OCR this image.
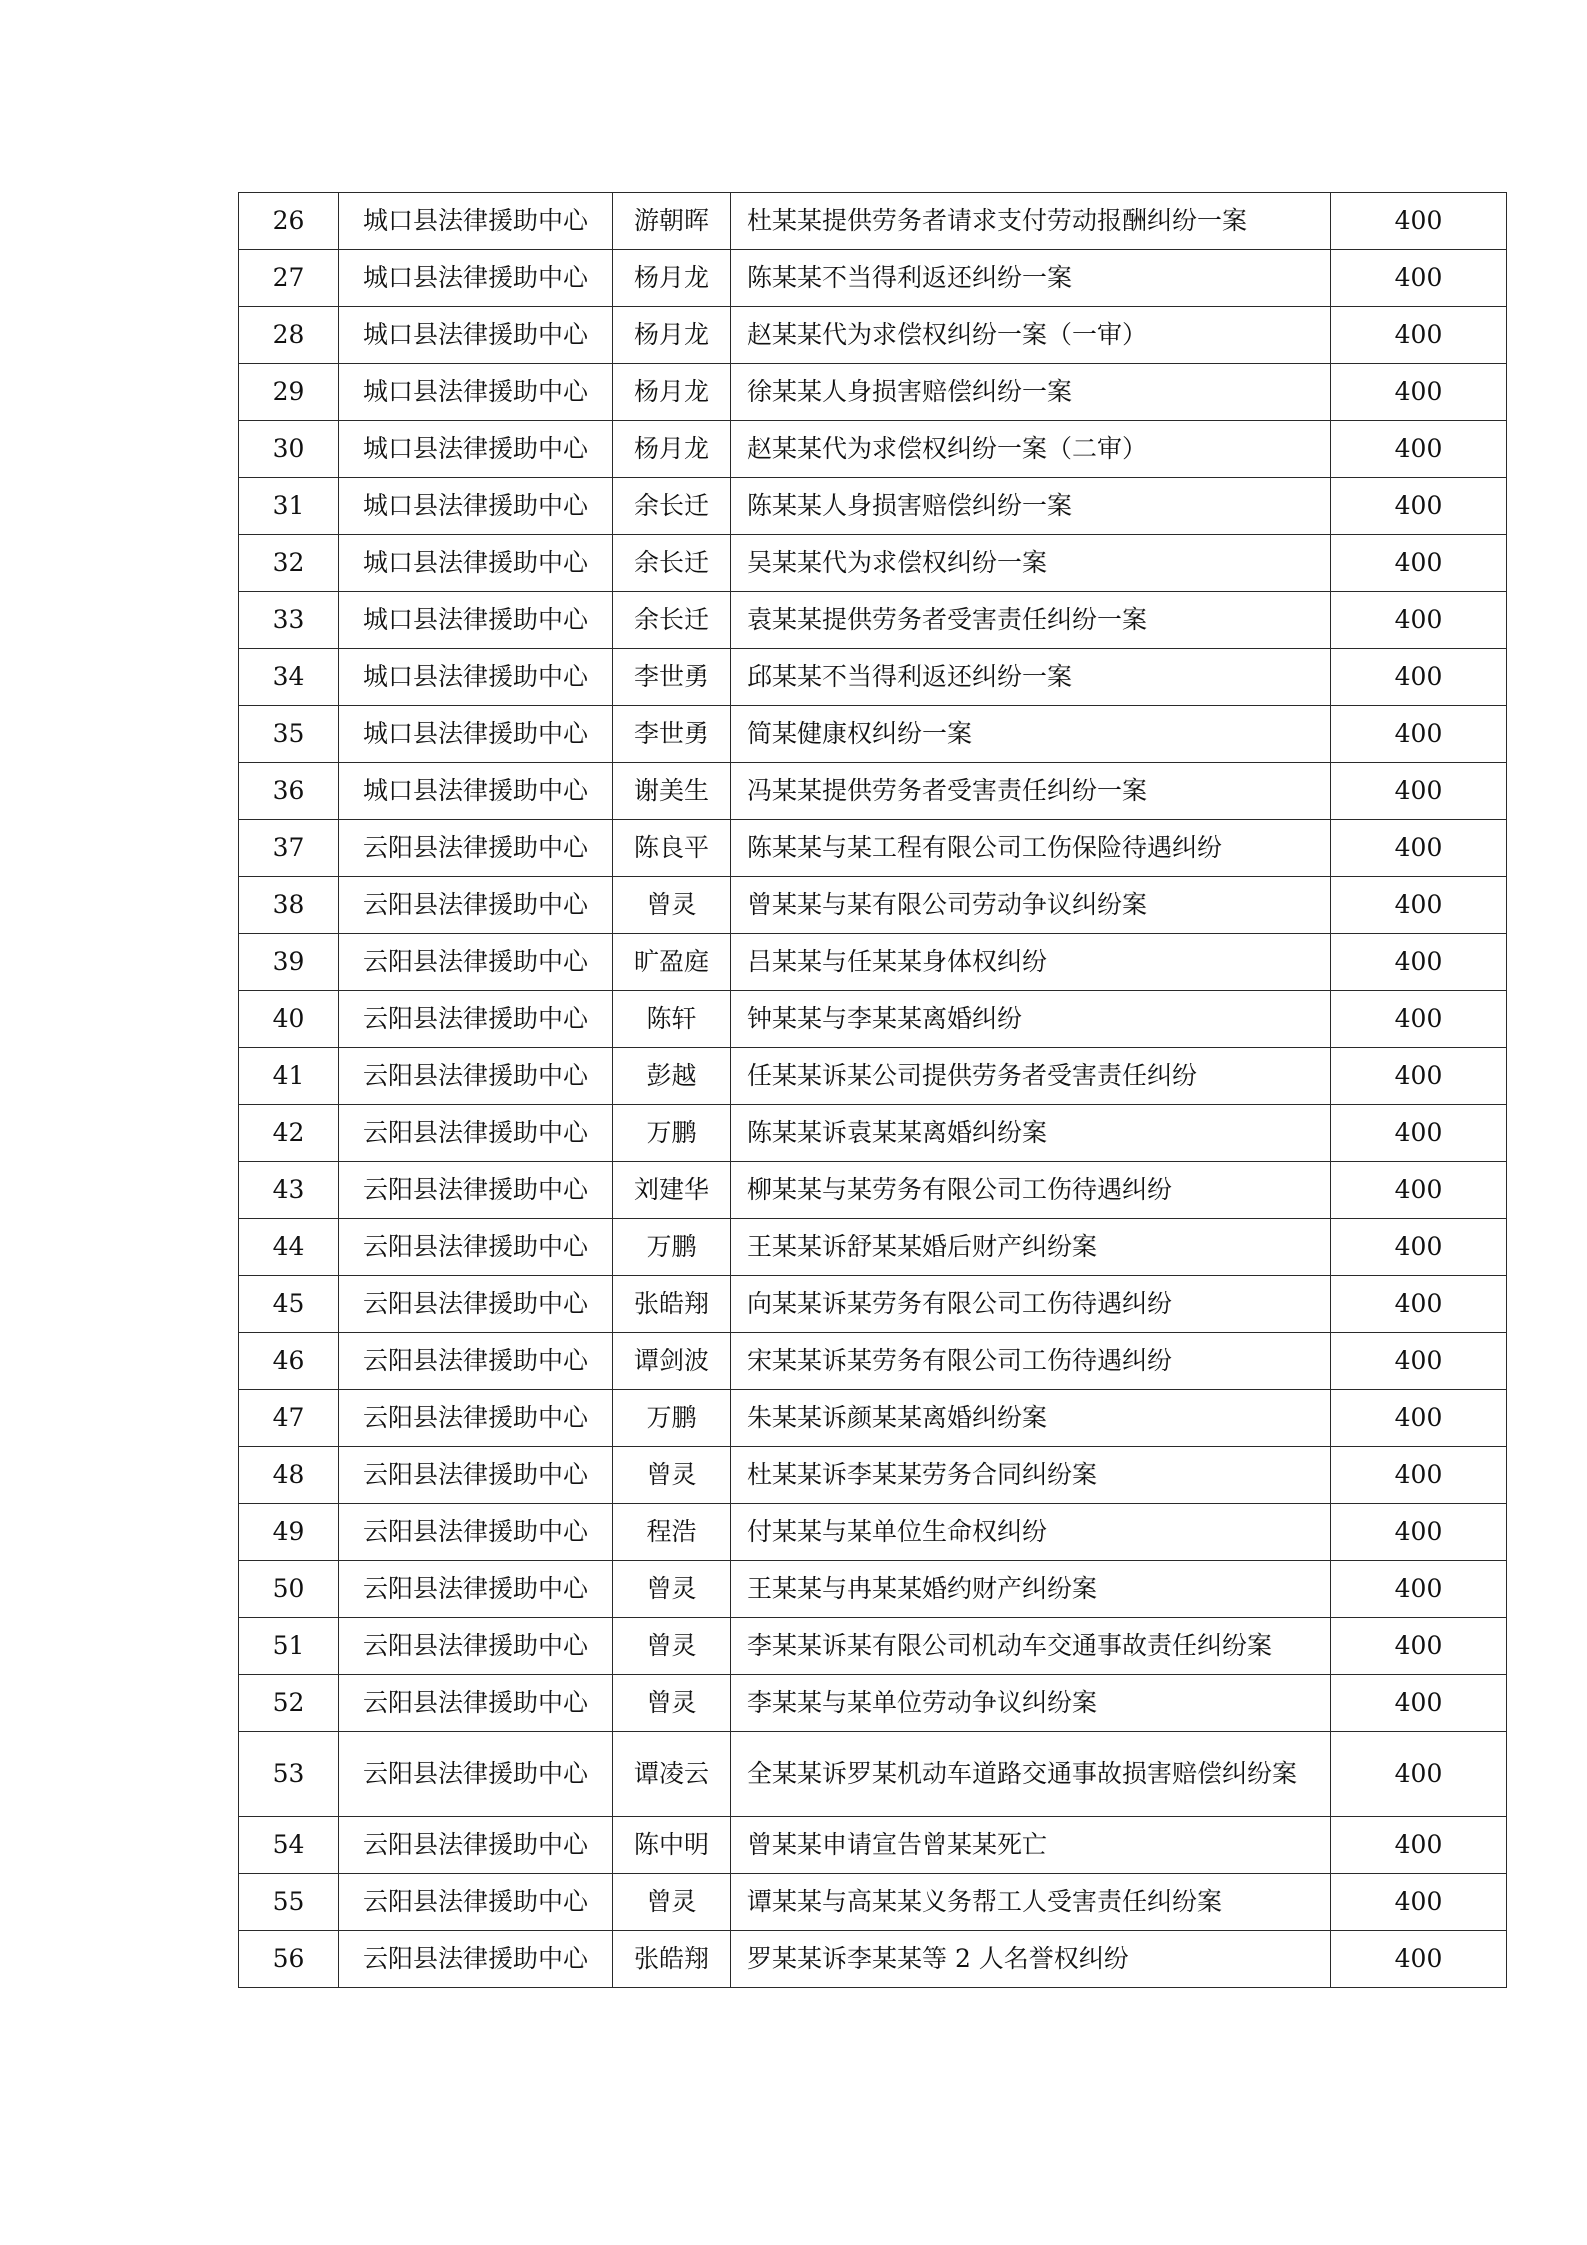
26	城口县法律援助中心	游朝晖	杜某某提供劳务者请求支付劳动报酬纠纷一案	400
27	城口县法律援助中心	杨月龙	陈某某不当得利返还纠纷一案	400
28	城口县法律援助中心	杨月龙	赵某某代为求偿权纠纷一案（一审）	400
29	城口县法律援助中心	杨月龙	徐某某人身损害赔偿纠纷一案	400
30	城口县法律援助中心	杨月龙	赵某某代为求偿权纠纷一案（二审）	400
31	城口县法律援助中心	余长迁	陈某某人身损害赔偿纠纷一案	400
32	城口县法律援助中心	余长迁	吴某某代为求偿权纠纷一案	400
33	城口县法律援助中心	余长迁	袁某某提供劳务者受害责任纠纷一案	400
34	城口县法律援助中心	李世勇	邱某某不当得利返还纠纷一案	400
35	城口县法律援助中心	李世勇	简某健康权纠纷一案	400
36	城口县法律援助中心	谢美生	冯某某提供劳务者受害责任纠纷一案	400
37	云阳县法律援助中心	陈良平	陈某某与某工程有限公司工伤保险待遇纠纷	400
38	云阳县法律援助中心	曾灵	曾某某与某有限公司劳动争议纠纷案	400
39	云阳县法律援助中心	旷盈庭	吕某某与任某某身体权纠纷	400
40	云阳县法律援助中心	陈轩	钟某某与李某某离婚纠纷	400
41	云阳县法律援助中心	彭越	任某某诉某公司提供劳务者受害责任纠纷	400
42	云阳县法律援助中心	万鹏	陈某某诉袁某某离婚纠纷案	400
43	云阳县法律援助中心	刘建华	柳某某与某劳务有限公司工伤待遇纠纷	400
44	云阳县法律援助中心	万鹏	王某某诉舒某某婚后财产纠纷案	400
45	云阳县法律援助中心	张皓翔	向某某诉某劳务有限公司工伤待遇纠纷	400
46	云阳县法律援助中心	谭剑波	宋某某诉某劳务有限公司工伤待遇纠纷	400
47	云阳县法律援助中心	万鹏	朱某某诉颜某某离婚纠纷案	400
48	云阳县法律援助中心	曾灵	杜某某诉李某某劳务合同纠纷案	400
49	云阳县法律援助中心	程浩	付某某与某单位生命权纠纷	400
50	云阳县法律援助中心	曾灵	王某某与冉某某婚约财产纠纷案	400
51	云阳县法律援助中心	曾灵	李某某诉某有限公司机动车交通事故责任纠纷案	400
52	云阳县法律援助中心	曾灵	李某某与某单位劳动争议纠纷案	400
53	云阳县法律援助中心	谭凌云	全某某诉罗某机动车道路交通事故损害赔偿纠纷案	400
54	云阳县法律援助中心	陈中明	曾某某申请宣告曾某某死亡	400
55	云阳县法律援助中心	曾灵	谭某某与高某某义务帮工人受害责任纠纷案	400
56	云阳县法律援助中心	张皓翔	罗某某诉李某某等 2 人名誉权纠纷	400
